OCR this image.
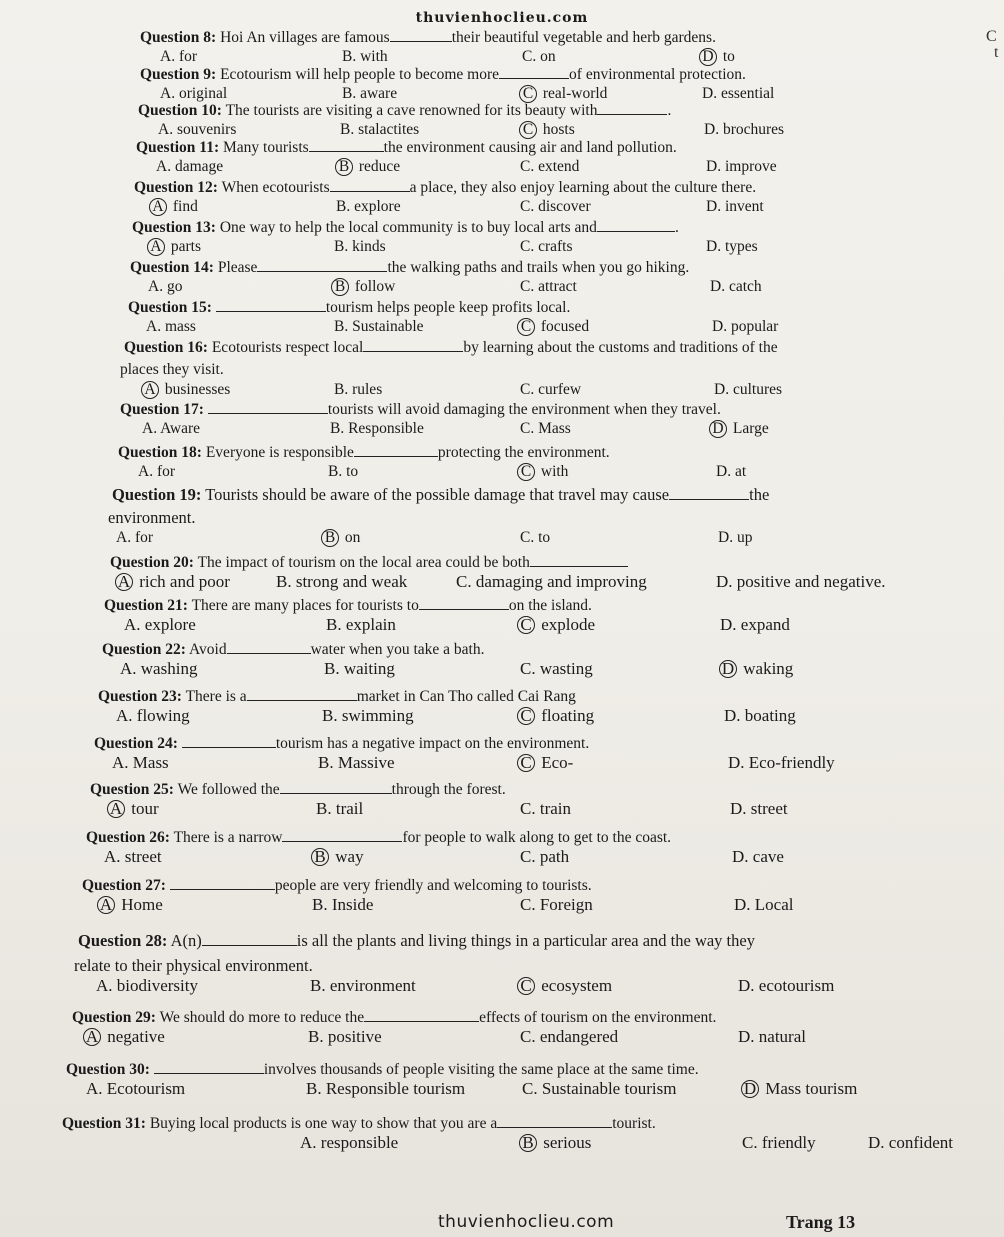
thuvienhoclieu.com
C
t
Question 8: Hoi An villages are famous	their beautiful vegetable and herb gardens.
A. for	B. with	C. on	D to
Question 9: Ecotourism will help people to become more	of environmental protection.
A. original	B. aware	C real-world	D. essential
Question 10: The tourists are visiting a cave renowned for its beauty with	.
A. souvenirs	B. stalactites	C hosts	D. brochures
Question 11: Many tourists	the environment causing air and land pollution.
A. damage	B reduce	C. extend	D. improve
Question 12: When ecotourists	a place, they also enjoy learning about the culture there.
A find	B. explore	C. discover	D. invent
Question 13: One way to help the local community is to buy local arts and	.
A parts	B. kinds	C. crafts	D. types
Question 14: Please	the walking paths and trails when you go hiking.
A. go	B follow	C. attract	D. catch
Question 15:	tourism helps people keep profits local.
A. mass	B. Sustainable	C focused	D. popular
Question 16: Ecotourists respect local	by learning about the customs and traditions of the
places they visit.
A businesses	B. rules	C. curfew	D. cultures
Question 17:	tourists will avoid damaging the environment when they travel.
A. Aware	B. Responsible	C. Mass	D Large
Question 18: Everyone is responsible	protecting the environment.
A. for	B. to	C with	D. at
Question 19: Tourists should be aware of the possible damage that travel may cause	the
environment.
A. for	B on	C. to	D. up
Question 20: The impact of tourism on the local area could be both
A rich and poor	B. strong and weak	C. damaging and improving	D. positive and negative.
Question 21: There are many places for tourists to	on the island.
A. explore	B. explain	C explode	D. expand
Question 22: Avoid	water when you take a bath.
A. washing	B. waiting	C. wasting	D waking
Question 23: There is a	market in Can Tho called Cai Rang
A. flowing	B. swimming	C floating	D. boating
Question 24:	tourism has a negative impact on the environment.
A. Mass	B. Massive	C Eco-	D. Eco-friendly
Question 25: We followed the	through the forest.
A tour	B. trail	C. train	D. street
Question 26: There is a narrow	for people to walk along to get to the coast.
A. street	B way	C. path	D. cave
Question 27:	people are very friendly and welcoming to tourists.
A Home	B. Inside	C. Foreign	D. Local
Question 28: A(n)	is all the plants and living things in a particular area and the way they
relate to their physical environment.
A. biodiversity	B. environment	C ecosystem	D. ecotourism
Question 29: We should do more to reduce the	effects of tourism on the environment.
A negative	B. positive	C. endangered	D. natural
Question 30:	involves thousands of people visiting the same place at the same time.
A. Ecotourism	B. Responsible tourism	C. Sustainable tourism	D Mass tourism
Question 31: Buying local products is one way to show that you are a	tourist.
A. responsible	B serious	C. friendly	D. confident
thuvienhoclieu.com	Trang 13
